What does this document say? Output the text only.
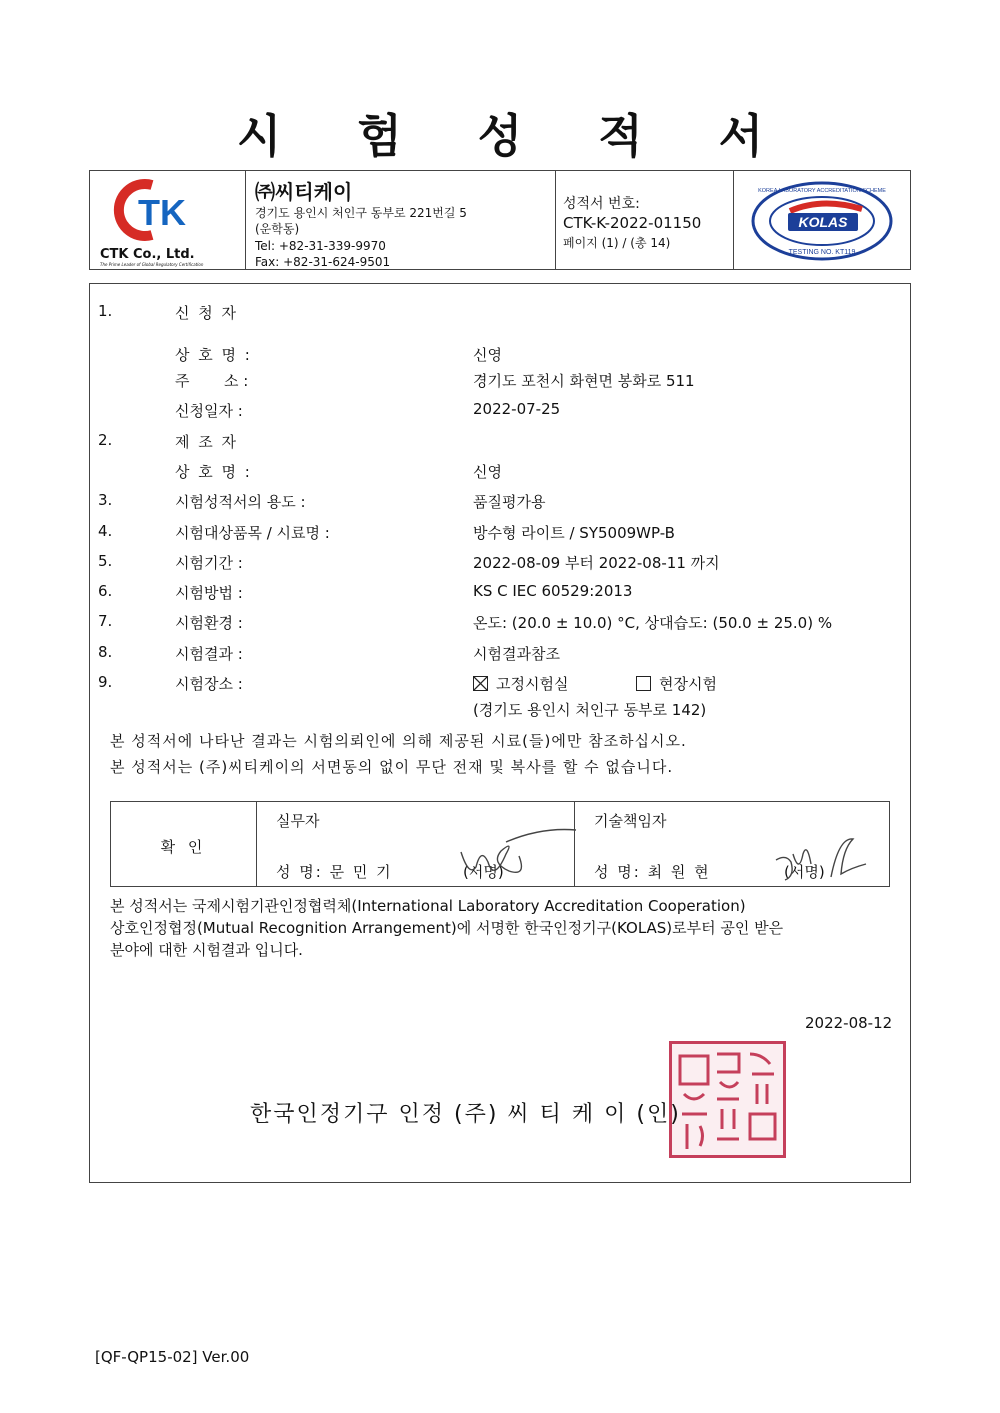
시 험 성 적 서
TK
CTK Co., Ltd.
The Prime Leader of Global Regulatory Certification
㈜씨티케이
경기도 용인시 처인구 동부로 221번길 5
(운학동)
Tel: +82-31-339-9970
Fax: +82-31-624-9501
성적서 번호:
CTK-K-2022-01150
페이지 (1) / (총 14)
KOLAS
KOREA LABORATORY ACCREDITATION SCHEME
TESTING NO. KT119
1.	신 청 자
상 호 명 :	신영
주 소 :	경기도 포천시 화현면 봉화로 511
신청일자 :	2022-07-25
2.	제 조 자
상 호 명 :	신영
3.	시험성적서의 용도 :	품질평가용
4.	시험대상품목 / 시료명 :	방수형 라이트 / SY5009WP-B
5.	시험기간 :	2022-08-09 부터 2022-08-11 까지
6.	시험방법 :	KS C IEC 60529:2013
7.	시험환경 :	온도: (20.0 ± 10.0) °C, 상대습도: (50.0 ± 25.0) %
8.	시험결과 :	시험결과참조
9.	시험장소 :	고정시험실	현장시험
(경기도 용인시 처인구 동부로 142)
본 성적서에 나타난 결과는 시험의뢰인에 의해 제공된 시료(들)에만 참조하십시오.
본 성적서는 (주)씨티케이의 서면동의 없이 무단 전재 및 복사를 할 수 없습니다.
확 인
실무자
성 명: 문 민 기	(서명)
기술책임자
성 명: 최 원 현	(서명)
본 성적서는 국제시험기관인정협력체(International Laboratory Accreditation Cooperation)
상호인정협정(Mutual Recognition Arrangement)에 서명한 한국인정기구(KOLAS)로부터 공인 받은
분야에 대한 시험결과 입니다.
2022-08-12
한국인정기구 인정 (주) 씨 티 케 이 (인)
[QF-QP15-02] Ver.00
